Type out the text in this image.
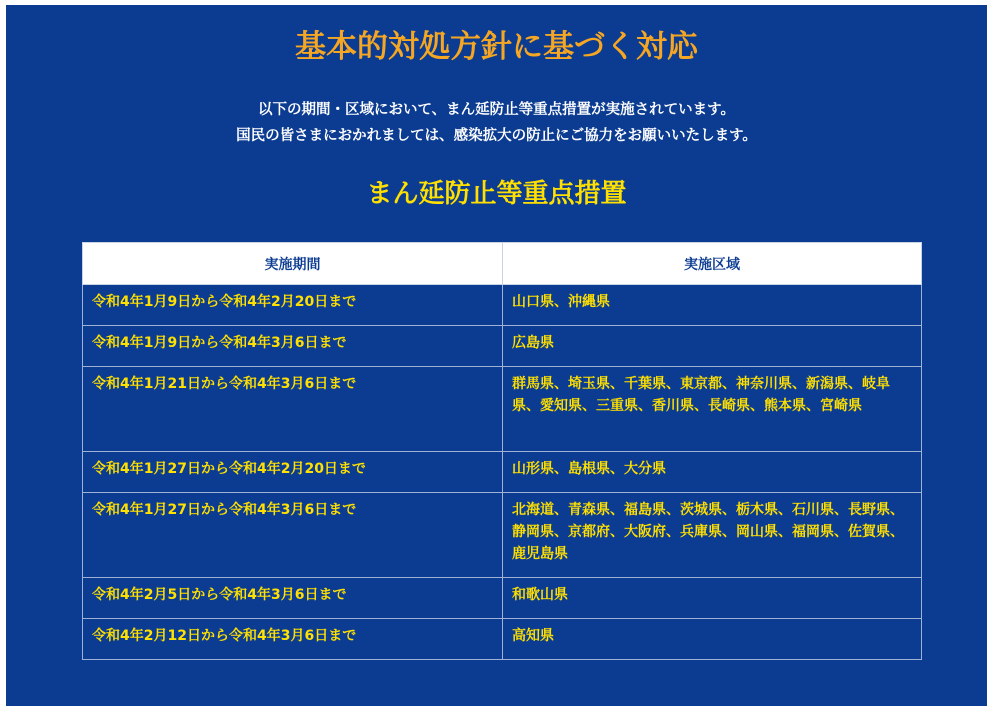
基本的対処方針に基づく対応
以下の期間・区域において、まん延防止等重点措置が実施されています。
国民の皆さまにおかれましては、感染拡大の防止にご協力をお願いいたします。
まん延防止等重点措置
実施期間	実施区域
令和4年1月9日から令和4年2月20日まで	山口県、沖縄県
令和4年1月9日から令和4年3月6日まで	広島県
令和4年1月21日から令和4年3月6日まで	群馬県、埼玉県、千葉県、東京都、神奈川県、新潟県、岐阜県、愛知県、三重県、香川県、長崎県、熊本県、宮崎県
令和4年1月27日から令和4年2月20日まで	山形県、島根県、大分県
令和4年1月27日から令和4年3月6日まで	北海道、青森県、福島県、茨城県、栃木県、石川県、長野県、静岡県、京都府、大阪府、兵庫県、岡山県、福岡県、佐賀県、鹿児島県
令和4年2月5日から令和4年3月6日まで	和歌山県
令和4年2月12日から令和4年3月6日まで	高知県
